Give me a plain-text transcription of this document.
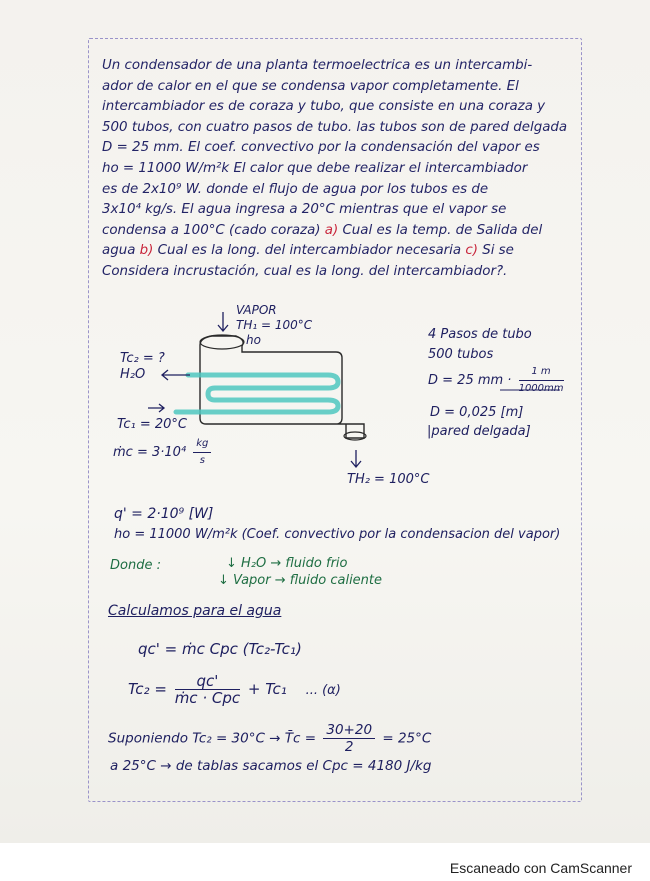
Un condensador de una planta termoelectrica es un intercambi-
ador de calor en el que se condensa vapor completamente. El
intercambiador es de coraza y tubo, que consiste en una coraza y
500 tubos, con cuatro pasos de tubo. las tubos son de pared delgada
D = 25 mm. El coef. convectivo por la condensación del vapor es
ho = 11000 W/m²k El calor que debe realizar el intercambiador
es de 2x10⁹ W. donde el flujo de agua por los tubos es de
3x10⁴ kg/s. El agua ingresa a 20°C mientras que el vapor se
condensa a 100°C (cado coraza) a) Cual es la temp. de Salida del
agua b) Cual es la long. del intercambiador necesaria c) Si se
Considera incrustación, cual es la long. del intercambiador?.
VAPOR
TH₁ = 100°C
ho
Tc₂ = ?
H₂O
Tc₁ = 20°C
ṁc = $3\cdot 10^4 \frac{kg}{s}$
TH₂ = 100°C
4 Pasos de tubo
500 tubos
D = 25 mm · $\frac{1 m}{1000mm}$
D = 0,025 [m]
|pared delgada]
q' = 2·10⁹ [W]
ho = 11000 W/m²k (Coef. convectivo por la condensacion del vapor)
Donde :	↓ H₂O → fluido frio
↓ Vapor → fluido caliente
Calculamos para el agua
qc' = ṁc Cpc (Tc₂-Tc₁)
$Tc_2 = \frac{qc'}{\text{ṁc · Cpc}} + Tc_1$ ... (α)
Suponiendo Tc₂ = 30°C → T̄c = $\frac{30+20}{2} = 25^\circ C$
a 25°C → de tablas sacamos el Cpc = 4180 J/kg
Escaneado con CamScanner
